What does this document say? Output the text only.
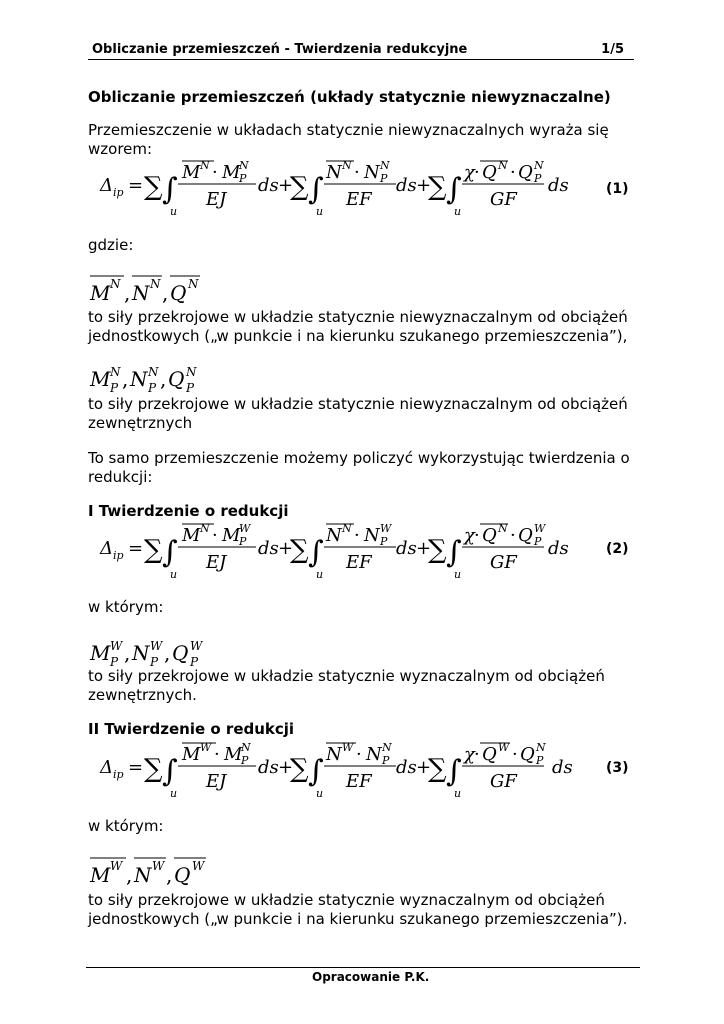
Obliczanie przemieszczeń - Twierdzenia redukcyjne	1/5
Obliczanie przemieszczeń (układy statycznie niewyznaczalne)
Przemieszczenie w układach statycznie niewyznaczalnych wyraża się wzorem:
Δ ip = ∑ ∫
u
M N · M
N
P
EJ
ds +
∑ ∫
u
N N · N N
P
EF
ds +
∑ ∫
u
χ · Q N · Q N
P
GF
ds	(1)
gdzie:
M N , N N , Q N
to siły przekrojowe w układzie statycznie niewyznaczalnym od obciążeń jednostkowych („w punkcie i na kierunku szukanego przemieszczenia”),
M N
P , N N
P , Q N
P
to siły przekrojowe w układzie statycznie niewyznaczalnym od obciążeń zewnętrznych
To samo przemieszczenie możemy policzyć wykorzystując twierdzenia o redukcji:
I Twierdzenie o redukcji
Δ ip = ∑ ∫
u
M N · M
W
P
EJ
ds +
∑ ∫
u
N N · N W
P
EF
ds +
∑ ∫
u
χ · Q N · Q W
P
GF
ds	(2)
w którym:
M W
P , N W
P , Q W
P
to siły przekrojowe w układzie statycznie wyznaczalnym od obciążeń zewnętrznych.
II Twierdzenie o redukcji
Δ ip = ∑ ∫
u
M W · M
N
P
EJ
ds +
∑ ∫
u
N W · N N
P
EF
ds +
∑ ∫
u
χ · Q W · Q N
P
GF
ds (3)
w którym:
M W , N W , Q W
to siły przekrojowe w układzie statycznie wyznaczalnym od obciążeń jednostkowych („w punkcie i na kierunku szukanego przemieszczenia”).
Opracowanie P.K.
